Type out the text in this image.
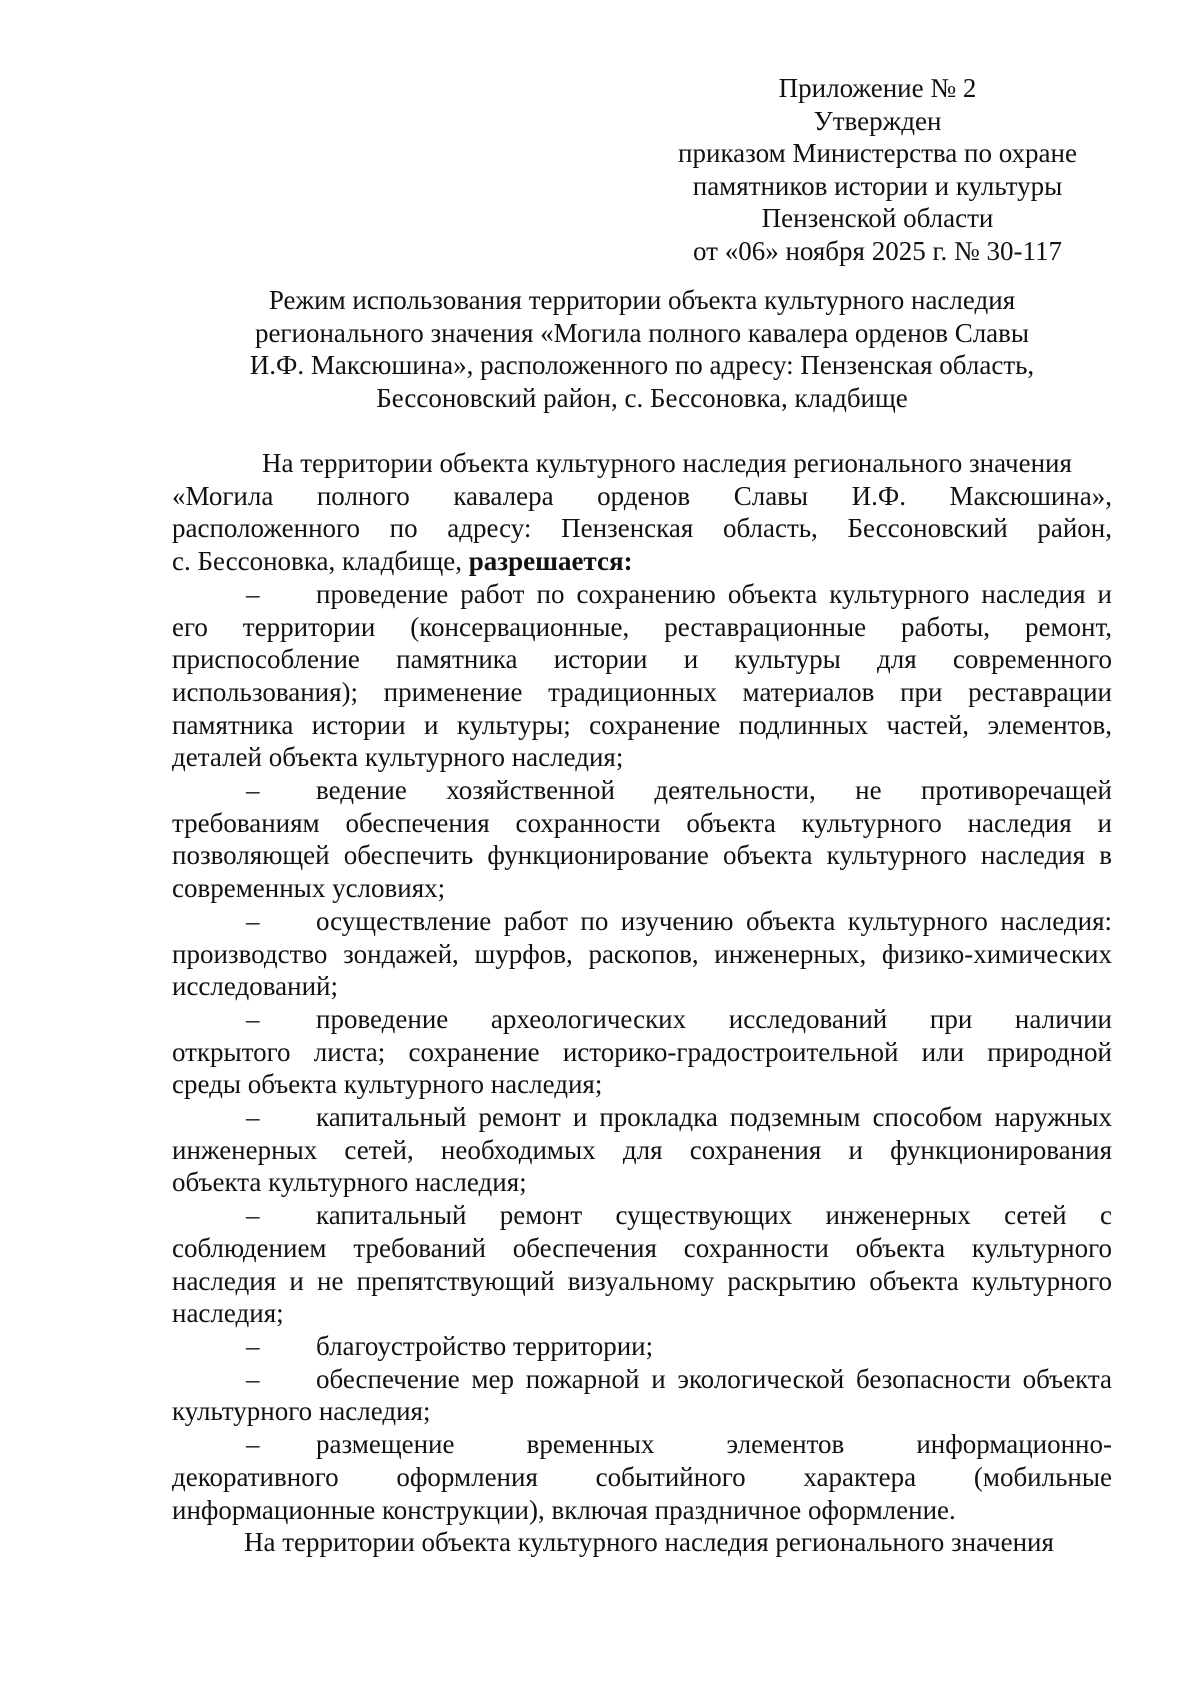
Приложение № 2
Утвержден
приказом Министерства по охране
памятников истории и культуры
Пензенской области
от «06» ноября 2025 г. № 30-117
Режим использования территории объекта культурного наследия
регионального значения «Могила полного кавалера орденов Славы
И.Ф. Максюшина», расположенного по адресу: Пензенская область,
Бессоновский район, с. Бессоновка, кладбище
На территории объекта культурного наследия регионального значения
«Могила полного кавалера орденов Славы И.Ф. Максюшина»,
расположенного по адресу: Пензенская область, Бессоновский район,
с. Бессоновка, кладбище, разрешается:
–	проведение работ по сохранению объекта культурного наследия и
его территории (консервационные, реставрационные работы, ремонт,
приспособление памятника истории и культуры для современного
использования); применение традиционных материалов при реставрации
памятника истории и культуры; сохранение подлинных частей, элементов,
деталей объекта культурного наследия;
–	ведение хозяйственной деятельности, не противоречащей
требованиям обеспечения сохранности объекта культурного наследия и
позволяющей обеспечить функционирование объекта культурного наследия в
современных условиях;
–	осуществление работ по изучению объекта культурного наследия:
производство зондажей, шурфов, раскопов, инженерных, физико-химических
исследований;
–	проведение археологических исследований при наличии
открытого листа; сохранение историко-градостроительной или природной
среды объекта культурного наследия;
–	капитальный ремонт и прокладка подземным способом наружных
инженерных сетей, необходимых для сохранения и функционирования
объекта культурного наследия;
–	капитальный ремонт существующих инженерных сетей с
соблюдением требований обеспечения сохранности объекта культурного
наследия и не препятствующий визуальному раскрытию объекта культурного
наследия;
– благоустройство территории;
–	обеспечение мер пожарной и экологической безопасности объекта
культурного наследия;
–	размещение временных элементов информационно-
декоративного оформления событийного характера (мобильные
информационные конструкции), включая праздничное оформление.
На территории объекта культурного наследия регионального значения
